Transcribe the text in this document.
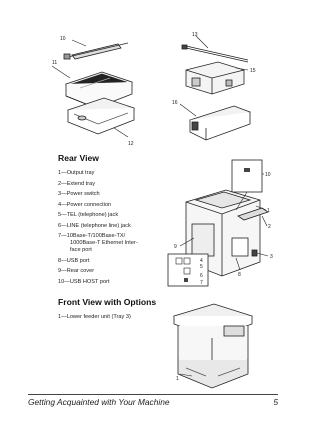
10
11
12
13
15
16
Rear View
1—Output tray
2—Extend tray
3—Power switch
4—Power connection
5—TEL (telephone) jack
6—LINE (telephone line) jack
7—10Base-T/100Base-TX/
1000Base-T Ethernet Inter-
face port
8—USB port
9—Rear cover
10—USB HOST port
10
1
2
3
4
5
6
7
8
9
Front View with Options
1—Lower feeder unit (Tray 3)
1
Getting Acquainted with Your Machine	5
